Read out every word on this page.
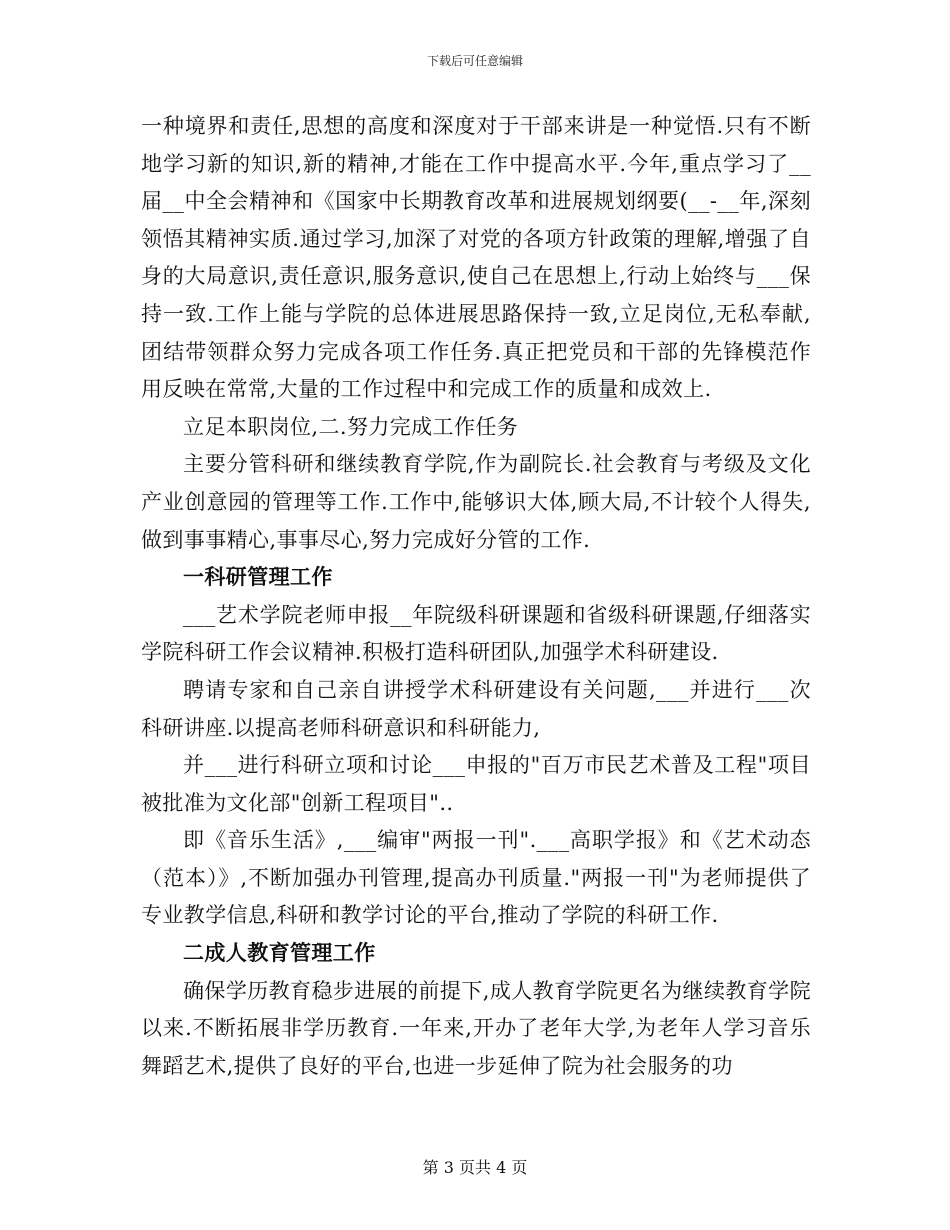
下载后可任意编辑

一种境界和责任,思想的高度和深度对于干部来讲是一种觉悟.只有不断地学习新的知识,新的精神,才能在工作中提高水平.今年,重点学习了__届__中全会精神和《国家中长期教育改革和进展规划纲要(__-__年,深刻领悟其精神实质.通过学习,加深了对党的各项方针政策的理解,增强了自身的大局意识,责任意识,服务意识,使自己在思想上,行动上始终与___保持一致.工作上能与学院的总体进展思路保持一致,立足岗位,无私奉献,团结带领群众努力完成各项工作任务.真正把党员和干部的先锋模范作用反映在常常,大量的工作过程中和完成工作的质量和成效上.

立足本职岗位,二.努力完成工作任务

主要分管科研和继续教育学院,作为副院长.社会教育与考级及文化产业创意园的管理等工作.工作中,能够识大体,顾大局,不计较个人得失,做到事事精心,事事尽心,努力完成好分管的工作.

一科研管理工作

___艺术学院老师申报__年院级科研课题和省级科研课题,仔细落实学院科研工作会议精神.积极打造科研团队,加强学术科研建设.

聘请专家和自己亲自讲授学术科研建设有关问题,___并进行___次科研讲座.以提高老师科研意识和科研能力,

并___进行科研立项和讨论___申报的"百万市民艺术普及工程"项目被批准为文化部"创新工程项目"..

即《音乐生活》,___编审"两报一刊".___高职学报》和《艺术动态（范本）》,不断加强办刊管理,提高办刊质量."两报一刊"为老师提供了专业教学信息,科研和教学讨论的平台,推动了学院的科研工作.

二成人教育管理工作

确保学历教育稳步进展的前提下,成人教育学院更名为继续教育学院以来.不断拓展非学历教育.一年来,开办了老年大学,为老年人学习音乐舞蹈艺术,提供了良好的平台,也进一步延伸了院为社会服务的功

第 3 页共 4 页
